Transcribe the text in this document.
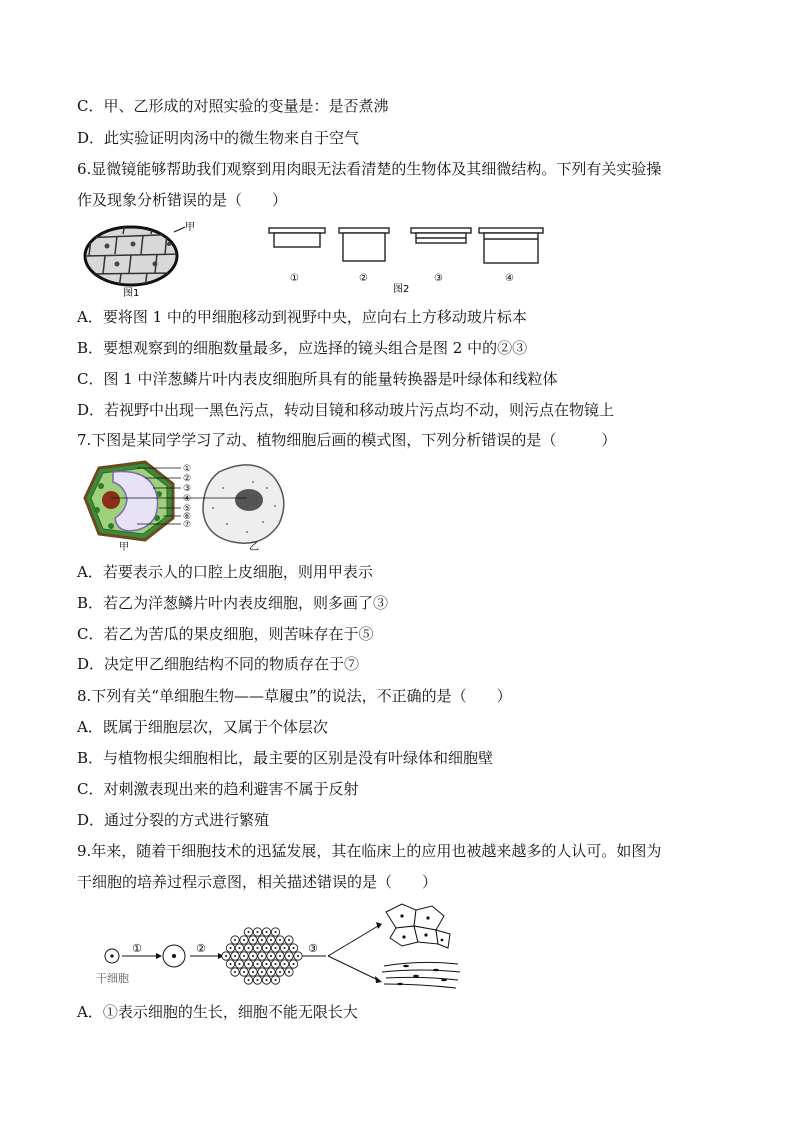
C．甲、乙形成的对照实验的变量是：是否煮沸
D．此实验证明肉汤中的微生物来自于空气
6.显微镜能够帮助我们观察到用肉眼无法看清楚的生物体及其细微结构。下列有关实验操
作及现象分析错误的是（　　）
甲
图1
①	②
图2
③	④
A．要将图 1 中的甲细胞移动到视野中央，应向右上方移动玻片标本
B．要想观察到的细胞数量最多，应选择的镜头组合是图 2 中的②③
C．图 1 中洋葱鳞片叶内表皮细胞所具有的能量转换器是叶绿体和线粒体
D．若视野中出现一黑色污点，转动目镜和移动玻片污点均不动，则污点在物镜上
7.下图是某同学学习了动、植物细胞后画的模式图，下列分析错误的是（　　　）
①
②
③
④
⑤
⑥
⑦
甲	乙
A．若要表示人的口腔上皮细胞，则用甲表示
B．若乙为洋葱鳞片叶内表皮细胞，则多画了③
C．若乙为苦瓜的果皮细胞，则苦味存在于⑤
D．决定甲乙细胞结构不同的物质存在于⑦
8.下列有关“单细胞生物——草履虫”的说法，不正确的是（　　）
A．既属于细胞层次，又属于个体层次
B．与植物根尖细胞相比，最主要的区别是没有叶绿体和细胞壁
C．对刺激表现出来的趋利避害不属于反射
D．通过分裂的方式进行繁殖
9.年来，随着干细胞技术的迅猛发展，其在临床上的应用也被越来越多的人认可。如图为
干细胞的培养过程示意图，相关描述错误的是（　　）
干细胞
①	②	③
A．①表示细胞的生长，细胞不能无限长大
